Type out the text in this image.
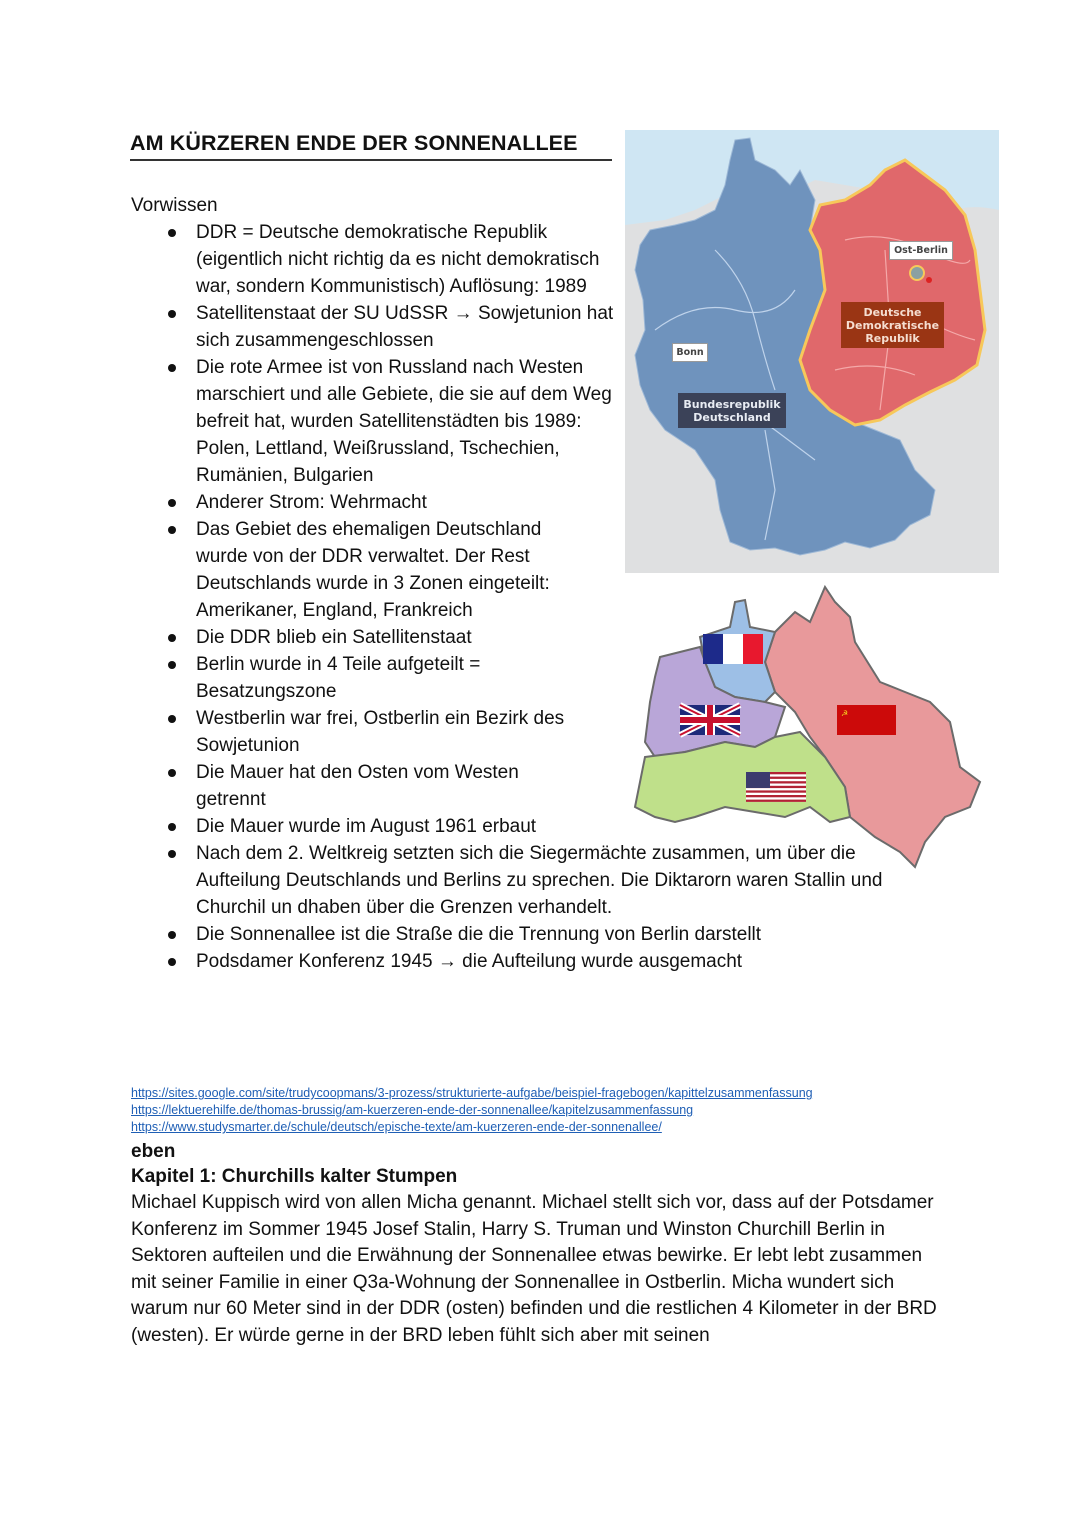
AM KÜRZEREN ENDE DER SONNENALLEE
Vorwissen
DDR = Deutsche demokratische Republik (eigentlich nicht richtig da es nicht demokratisch war, sondern Kommunistisch) Auflösung: 1989
Satellitenstaat der SU UdSSR → Sowjetunion hat sich zusammengeschlossen
Die rote Armee ist von Russland nach Westen marschiert und alle Gebiete, die sie auf dem Weg befreit hat, wurden Satellitenstädten bis 1989: Polen, Lettland, Weißrussland, Tschechien, Rumänien, Bulgarien
Anderer Strom: Wehrmacht
Das Gebiet des ehemaligen Deutschland wurde von der DDR verwaltet. Der Rest Deutschlands wurde in 3 Zonen eingeteilt: Amerikaner, England, Frankreich
Die DDR blieb ein Satellitenstaat
Berlin wurde in 4 Teile aufgeteilt = Besatzungszone
Westberlin war frei, Ostberlin ein Bezirk des Sowjetunion
Die Mauer hat den Osten vom Westen getrennt
Die Mauer wurde im August 1961 erbaut
Nach dem 2. Weltkreig setzten sich die Siegermächte zusammen, um über die Aufteilung Deutschlands und Berlins zu sprechen. Die Diktarorn waren Stallin und Churchil un dhaben über die Grenzen verhandelt.
Die Sonnenallee ist die Straße die die Trennung von Berlin darstellt
Podsdamer Konferenz 1945 → die Aufteilung wurde ausgemacht
Ost-Berlin
Bonn
Bundesrepublik
Deutschland
Deutsche
Demokratische
Republik
☭
https://sites.google.com/site/trudycoopmans/3-prozess/strukturierte-aufgabe/beispiel-fragebogen/kapittelzusammenfassung
https://lektuerehilfe.de/thomas-brussig/am-kuerzeren-ende-der-sonnenallee/kapitelzusammenfassung
https://www.studysmarter.de/schule/deutsch/epische-texte/am-kuerzeren-ende-der-sonnenallee/
eben
Kapitel 1: Churchills kalter Stumpen
Michael Kuppisch wird von allen Micha genannt. Michael stellt sich vor, dass auf der Potsdamer Konferenz im Sommer 1945 Josef Stalin, Harry S. Truman und Winston Churchill Berlin in Sektoren aufteilen und die Erwähnung der Sonnenallee etwas bewirke. Er lebt lebt zusammen mit seiner Familie in einer Q3a-Wohnung der Sonnenallee in Ostberlin. Micha wundert sich warum nur 60 Meter sind in der DDR (osten) befinden und die restlichen 4 Kilometer in der BRD (westen). Er würde gerne in der BRD leben fühlt sich aber mit seinen
